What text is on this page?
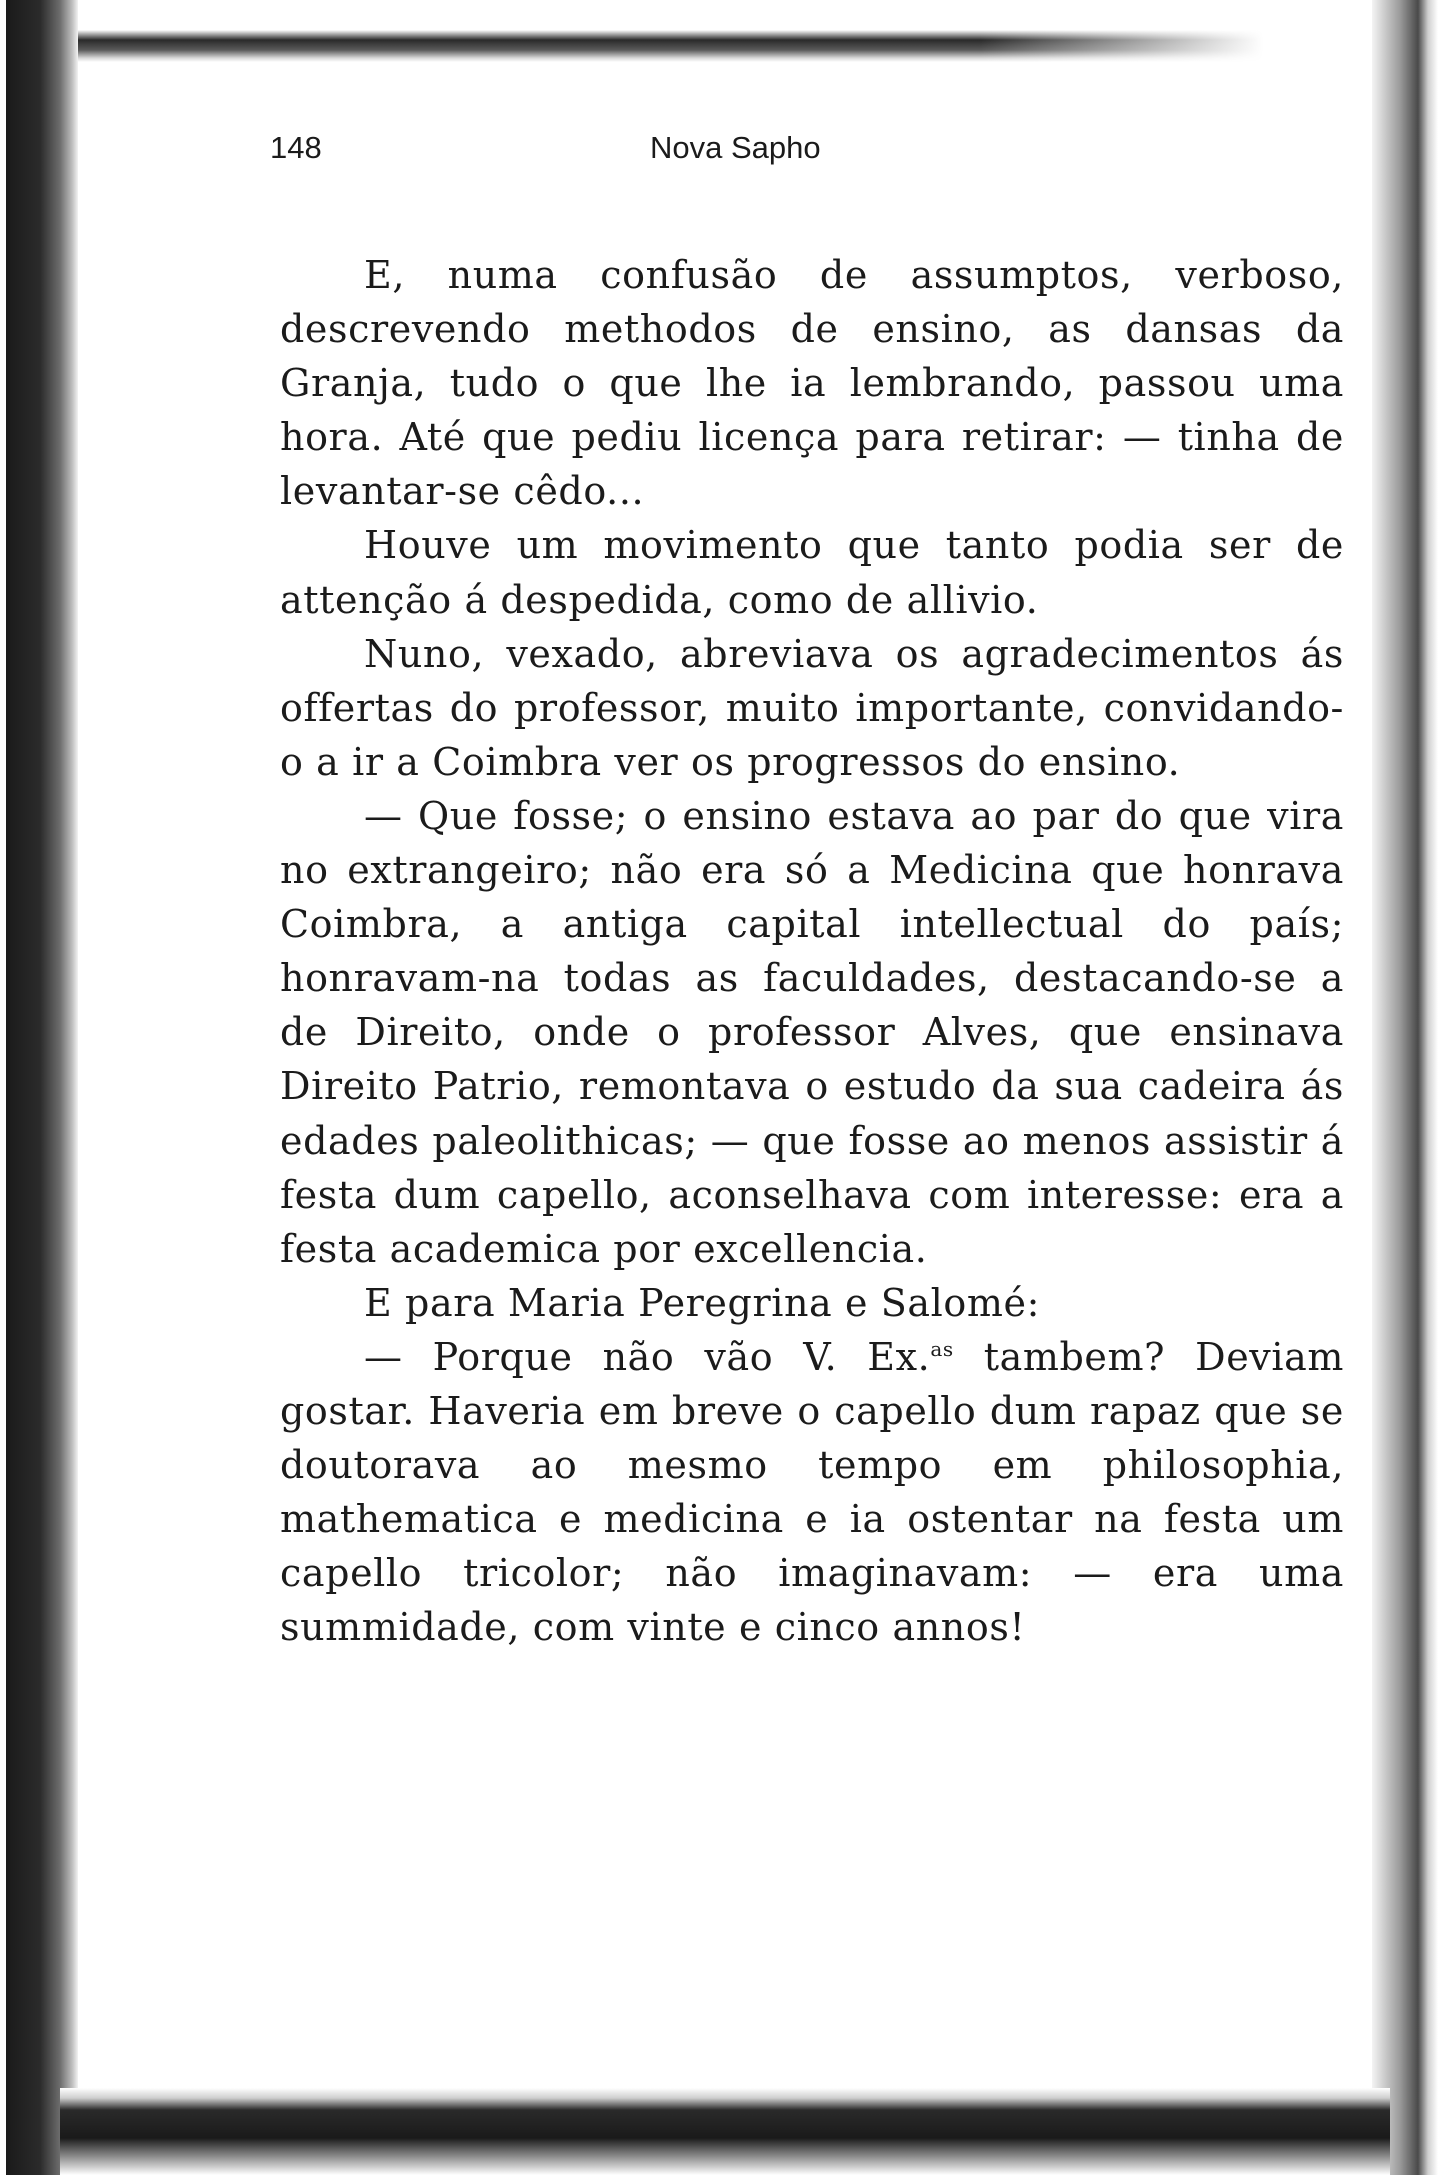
148	Nova Sapho

E, numa confusão de assumptos, verboso, descrevendo methodos de ensino, as dansas da Granja, tudo o que lhe ia lembrando, passou uma hora. Até que pediu licença para retirar: — tinha de levantar-se cêdo...

Houve um movimento que tanto podia ser de attenção á despedida, como de allivio.

Nuno, vexado, abreviava os agradecimentos ás offertas do professor, muito importante, convidando-o a ir a Coimbra ver os progressos do ensino.

— Que fosse; o ensino estava ao par do que vira no extrangeiro; não era só a Medicina que honrava Coimbra, a antiga capital intellectual do país; honravam-na todas as faculdades, destacando-se a de Direito, onde o professor Alves, que ensinava Direito Patrio, remontava o estudo da sua cadeira ás edades paleolithicas; — que fosse ao menos assistir á festa dum capello, aconselhava com interesse: era a festa academica por excellencia.

E para Maria Peregrina e Salomé:

— Porque não vão V. Ex.$^{as}$ tambem? Deviam gostar. Haveria em breve o capello dum rapaz que se doutorava ao mesmo tempo em philosophia, mathematica e medicina e ia ostentar na festa um capello tricolor; não imaginavam: — era uma summidade, com vinte e cinco annos!
